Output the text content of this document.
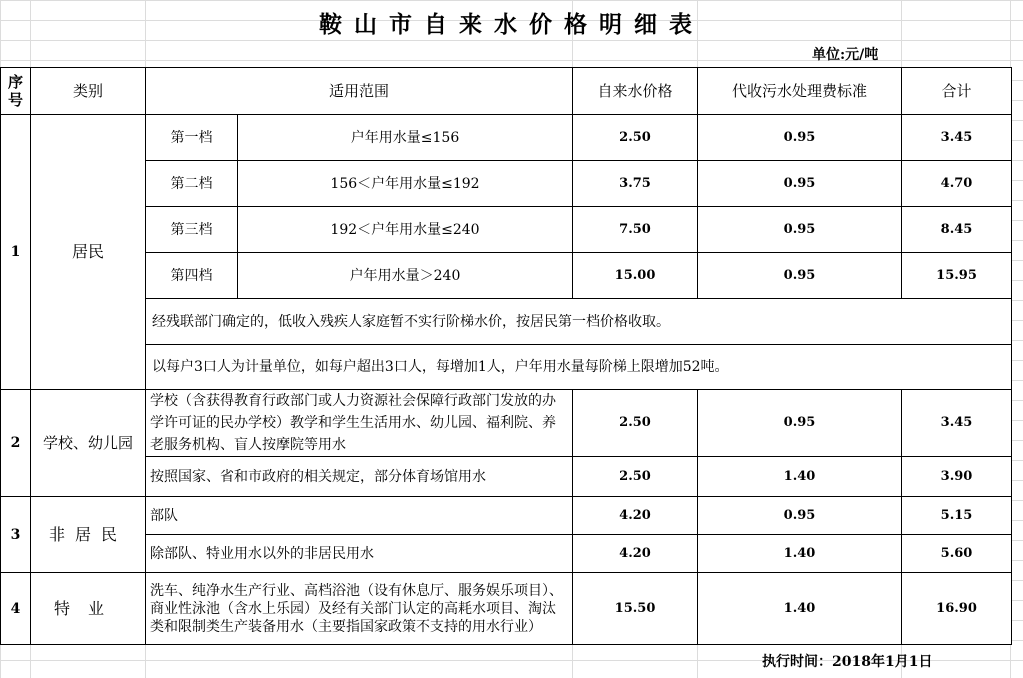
鞍山市自来水价格明细表
单位:元/吨
序号	类别	适用范围		自来水价格	代收污水处理费标准	合计
1	居民	第一档	户年用水量≤156	2.50	0.95	3.45
		第二档	156＜户年用水量≤192	3.75	0.95	4.70
		第三档	192＜户年用水量≤240	7.50	0.95	8.45
		第四档	户年用水量＞240	15.00	0.95	15.95
		经残联部门确定的，低收入残疾人家庭暂不实行阶梯水价，按居民第一档价格收取。				
		以每户3口人为计量单位，如每户超出3口人，每增加1人，户年用水量每阶梯上限增加52吨。				
2	学校、幼儿园	学校（含获得教育行政部门或人力资源社会保障行政部门发放的办学许可证的民办学校）教学和学生生活用水、幼儿园、福利院、养老服务机构、盲人按摩院等用水		2.50	0.95	3.45
		按照国家、省和市政府的相关规定，部分体育场馆用水		2.50	1.40	3.90
3	非居民	部队		4.20	0.95	5.15
		除部队、特业用水以外的非居民用水		4.20	1.40	5.60
4	特业	洗车、纯净水生产行业、高档浴池（设有休息厅、服务娱乐项目）、商业性泳池（含水上乐园）及经有关部门认定的高耗水项目、淘汰类和限制类生产装备用水（主要指国家政策不支持的用水行业）		15.50	1.40	16.90
执行时间：2018年1月1日
